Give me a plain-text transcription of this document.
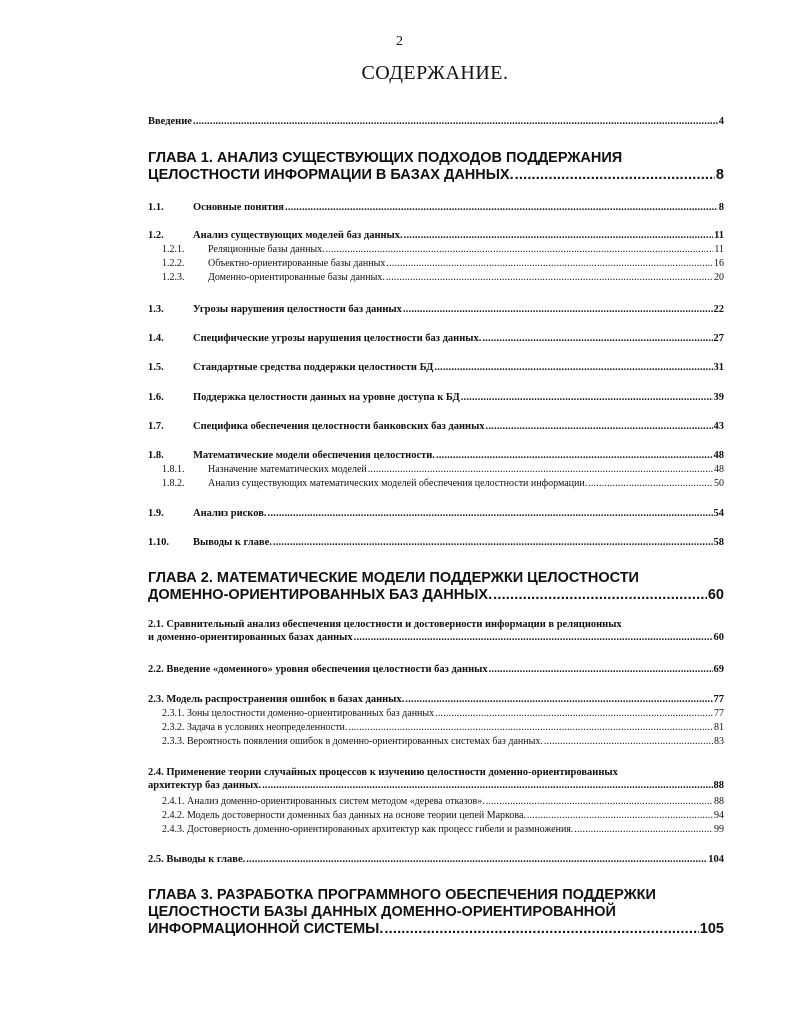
2
СОДЕРЖАНИЕ.
Введение .....	4
ГЛАВА 1. АНАЛИЗ СУЩЕСТВУЮЩИХ ПОДХОДОВ ПОДДЕРЖАНИЯ
ЦЕЛОСТНОСТИ ИНФОРМАЦИИ В БАЗАХ ДАННЫХ. .....	8
1.1.	Основные понятия .....	8
1.2.	Анализ существующих моделей баз данных. .....	11
1.2.1.	Реляционные базы данных. .....	11
1.2.2.	Объектно-ориентированные базы данных .....	16
1.2.3.	Доменно-ориентированные базы данных. .....	20
1.3.	Угрозы нарушения целостности баз данных .....	22
1.4.	Специфические угрозы нарушения целостности баз данных. .....	27
1.5.	Стандартные средства поддержки целостности БД .....	31
1.6.	Поддержка целостности данных на уровне доступа к БД .....	39
1.7.	Специфика обеспечения целостности банковских баз данных .....	43
1.8.	Математические модели обеспечения целостности. .....	48
1.8.1.	Назначение математических моделей .....	48
1.8.2.	Анализ существующих математических моделей обеспечения целостности информации. .....	50
1.9.	Анализ рисков. .....	54
1.10.	Выводы к главе. .....	58
ГЛАВА 2. МАТЕМАТИЧЕСКИЕ МОДЕЛИ ПОДДЕРЖКИ ЦЕЛОСТНОСТИ
ДОМЕННО-ОРИЕНТИРОВАННЫХ БАЗ ДАННЫХ. .....	60
2.1. Сравнительный анализ обеспечения целостности и достоверности информации в реляционных
и доменно-ориентированных базах данных .....	60
2.2. Введение «доменного» уровня обеспечения целостности баз данных .....	69
2.3. Модель распространения ошибок в базах данных. .....	77
2.3.1. Зоны целостности доменно-ориентированных баз данных .....	77
2.3.2. Задача в условиях неопределенности. .....	81
2.3.3. Вероятность появления ошибок в доменно-ориентированных системах баз данных. .....	83
2.4. Применение теории случайных процессов к изучению целостности доменно-ориентированных
архитектур баз данных. .....	88
2.4.1. Анализ доменно-ориентированных систем методом «дерева отказов». .....	88
2.4.2. Модель достоверности доменных баз данных на основе теории цепей Маркова. .....	94
2.4.3. Достоверность доменно-ориентированных архитектур как процесс гибели и размножения. .....	99
2.5. Выводы к главе. .....	104
ГЛАВА 3. РАЗРАБОТКА ПРОГРАММНОГО ОБЕСПЕЧЕНИЯ ПОДДЕРЖКИ
ЦЕЛОСТНОСТИ БАЗЫ ДАННЫХ ДОМЕННО-ОРИЕНТИРОВАННОЙ
ИНФОРМАЦИОННОЙ СИСТЕМЫ. .....	105
